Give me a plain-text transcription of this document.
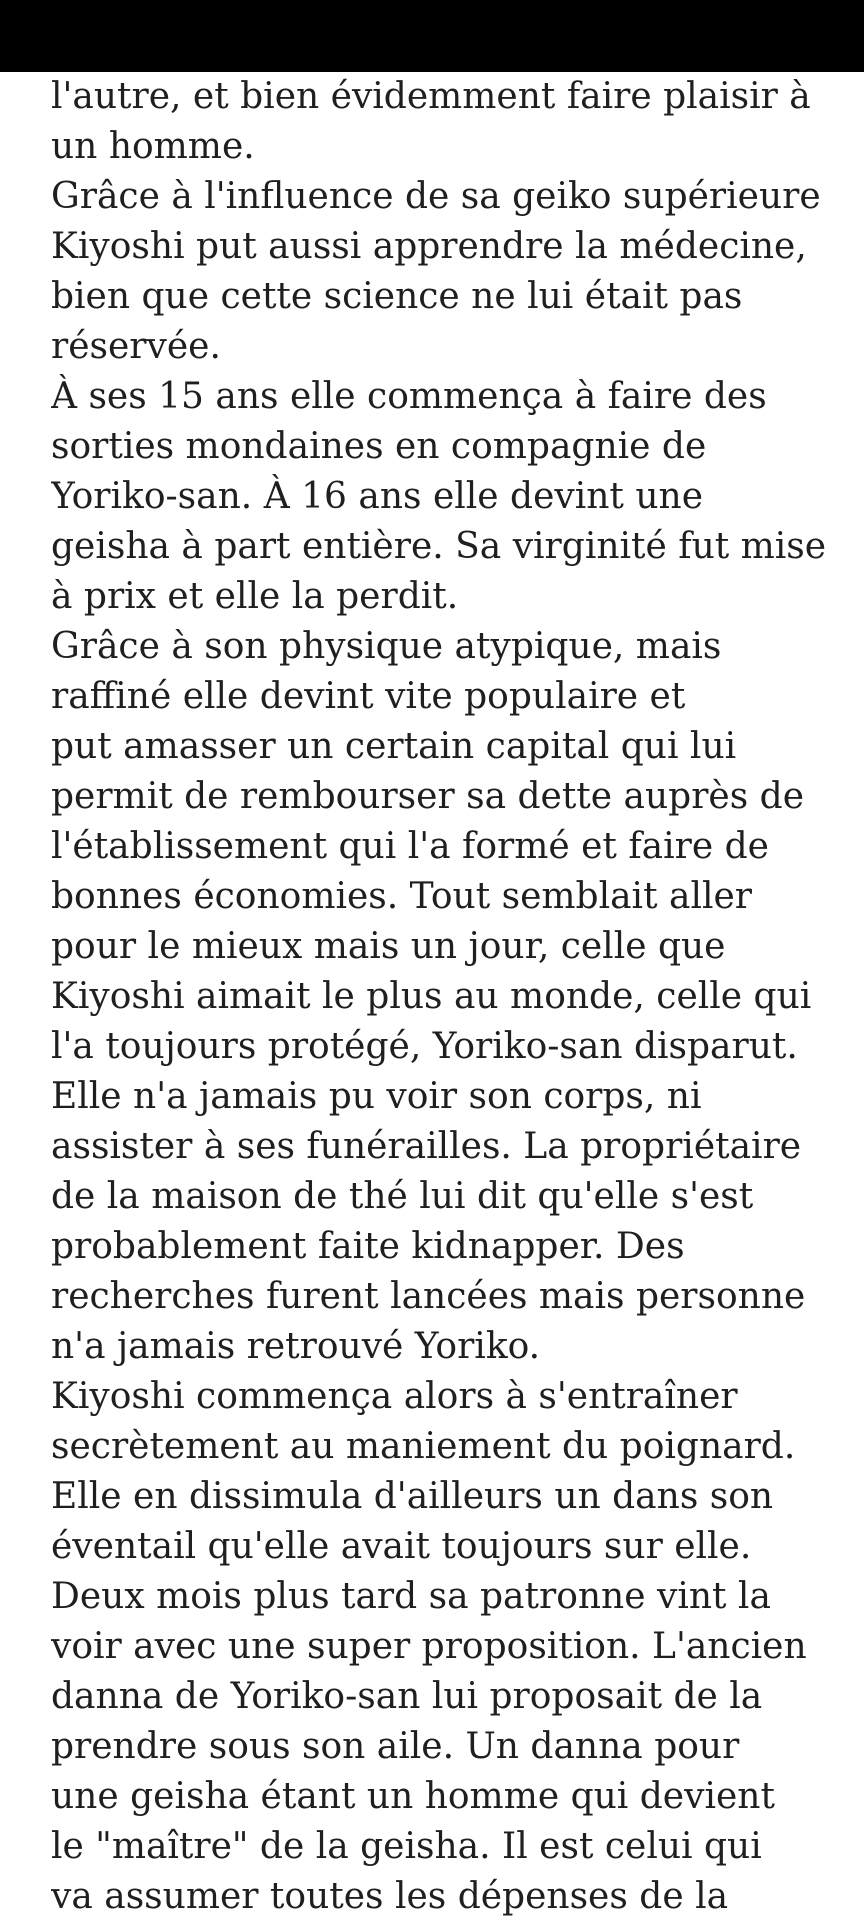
l'autre, et bien évidemment faire plaisir à
un homme.
Grâce à l'influence de sa geiko supérieure
Kiyoshi put aussi apprendre la médecine,
bien que cette science ne lui était pas
réservée.
À ses 15 ans elle commença à faire des
sorties mondaines en compagnie de
Yoriko-san. À 16 ans elle devint une
geisha à part entière. Sa virginité fut mise
à prix et elle la perdit.
Grâce à son physique atypique, mais
raffiné elle devint vite populaire et
put amasser un certain capital qui lui
permit de rembourser sa dette auprès de
l'établissement qui l'a formé et faire de
bonnes économies. Tout semblait aller
pour le mieux mais un jour, celle que
Kiyoshi aimait le plus au monde, celle qui
l'a toujours protégé, Yoriko-san disparut.
Elle n'a jamais pu voir son corps, ni
assister à ses funérailles. La propriétaire
de la maison de thé lui dit qu'elle s'est
probablement faite kidnapper. Des
recherches furent lancées mais personne
n'a jamais retrouvé Yoriko.
Kiyoshi commença alors à s'entraîner
secrètement au maniement du poignard.
Elle en dissimula d'ailleurs un dans son
éventail qu'elle avait toujours sur elle.
Deux mois plus tard sa patronne vint la
voir avec une super proposition. L'ancien
danna de Yoriko-san lui proposait de la
prendre sous son aile. Un danna pour
une geisha étant un homme qui devient
le "maître" de la geisha. Il est celui qui
va assumer toutes les dépenses de la
